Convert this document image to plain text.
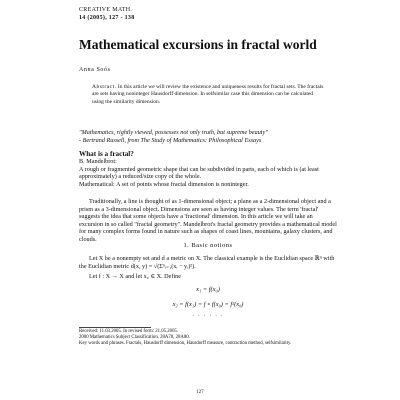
CREATIVE MATH.
14 (2005), 127 - 138
Mathematical excursions in fractal world
Anna Soós
Abstract. In this article we will review the existence and uniqueness results for fractal sets. The fractals are sets having noninteger Hausdorff dimension. In selfsimilar case this dimension can be calculated using the similarity dimension.
"Mathematics, rightly viewed, possesses not only truth, but supreme beauty"
- Bertrand Russell, from The Study of Mathematics: Philosophical Essays
What is a fractal?

B. Mandelbrot:

A rough or fragmented geometric shape that can be subdivided in parts, each of which is (at least approximately) a reduced/size copy of the whole.

Mathematical: A set of points whose fractal dimension is noninteger.

Traditionally, a line is thought of as 1-dimensional object; a plane as a 2-dimensional object and a prism as a 3-dimensional object. Dimensions are seen as having integer values. The term 'fractal' suggests the idea that some objects have a 'fractional' dimension. In this article we will take an excursion in so called "fractal geometry". Mandelbrot's fractal geometry provides a mathematical model for many complex forms found in nature such as shapes of coast lines, mountains, galaxy clusters, and clouds.

1. Basic notions

Let X be a nonempty set and d a metric on X. The classical example is the Euclidian space ℝⁿ with the Euclidian metric d(x, y) = √(Σⁿᵢ₌₁(xᵢ − yᵢ)²).

Let f : X → X and let x₀ ∈ X. Define

x₁ = f(x₀)
x₂ = f(x₁) = f ∘ f(x₀) = f²(x₀)
· · · · · ·

Received: 11.03.2005. In revised form: 21.05.2005.

2000 Mathematics Subject Classification. 28A78, 28A80.

Key words and phrases. Fractals, Hausdorff dimension, Hausdorff measure, contraction method, selfsimilarity.

127
